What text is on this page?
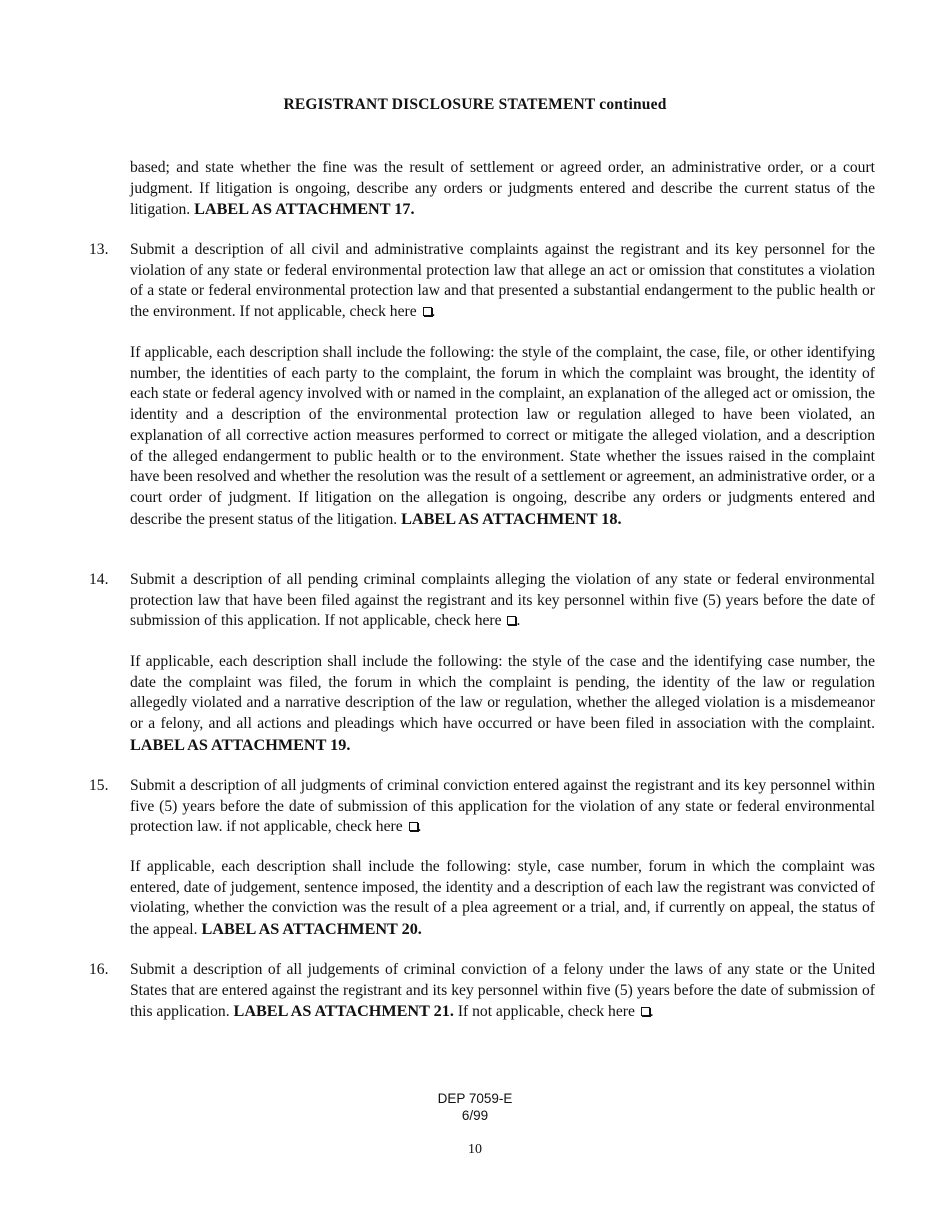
REGISTRANT DISCLOSURE STATEMENT continued

based; and state whether the fine was the result of settlement or agreed order, an administrative order, or a court judgment. If litigation is ongoing, describe any orders or judgments entered and describe the current status of the litigation. LABEL AS ATTACHMENT 17.

13. Submit a description of all civil and administrative complaints against the registrant and its key personnel for the violation of any state or federal environmental protection law that allege an act or omission that constitutes a violation of a state or federal environmental protection law and that presented a substantial endangerment to the public health or the environment. If not applicable, check here .

If applicable, each description shall include the following: the style of the complaint, the case, file, or other identifying number, the identities of each party to the complaint, the forum in which the complaint was brought, the identity of each state or federal agency involved with or named in the complaint, an explanation of the alleged act or omission, the identity and a description of the environmental protection law or regulation alleged to have been violated, an explanation of all corrective action measures performed to correct or mitigate the alleged violation, and a description of the alleged endangerment to public health or to the environment. State whether the issues raised in the complaint have been resolved and whether the resolution was the result of a settlement or agreement, an administrative order, or a court order of judgment. If litigation on the allegation is ongoing, describe any orders or judgments entered and describe the present status of the litigation. LABEL AS ATTACHMENT 18.

14. Submit a description of all pending criminal complaints alleging the violation of any state or federal environmental protection law that have been filed against the registrant and its key personnel within five (5) years before the date of submission of this application. If not applicable, check here .

If applicable, each description shall include the following: the style of the case and the identifying case number, the date the complaint was filed, the forum in which the complaint is pending, the identity of the law or regulation allegedly violated and a narrative description of the law or regulation, whether the alleged violation is a misdemeanor or a felony, and all actions and pleadings which have occurred or have been filed in association with the complaint. LABEL AS ATTACHMENT 19.

15. Submit a description of all judgments of criminal conviction entered against the registrant and its key personnel within five (5) years before the date of submission of this application for the violation of any state or federal environmental protection law. if not applicable, check here .

If applicable, each description shall include the following: style, case number, forum in which the complaint was entered, date of judgement, sentence imposed, the identity and a description of each law the registrant was convicted of violating, whether the conviction was the result of a plea agreement or a trial, and, if currently on appeal, the status of the appeal. LABEL AS ATTACHMENT 20.

16. Submit a description of all judgements of criminal conviction of a felony under the laws of any state or the United States that are entered against the registrant and its key personnel within five (5) years before the date of submission of this application. LABEL AS ATTACHMENT 21. If not applicable, check here .

DEP 7059-E
6/99
10
